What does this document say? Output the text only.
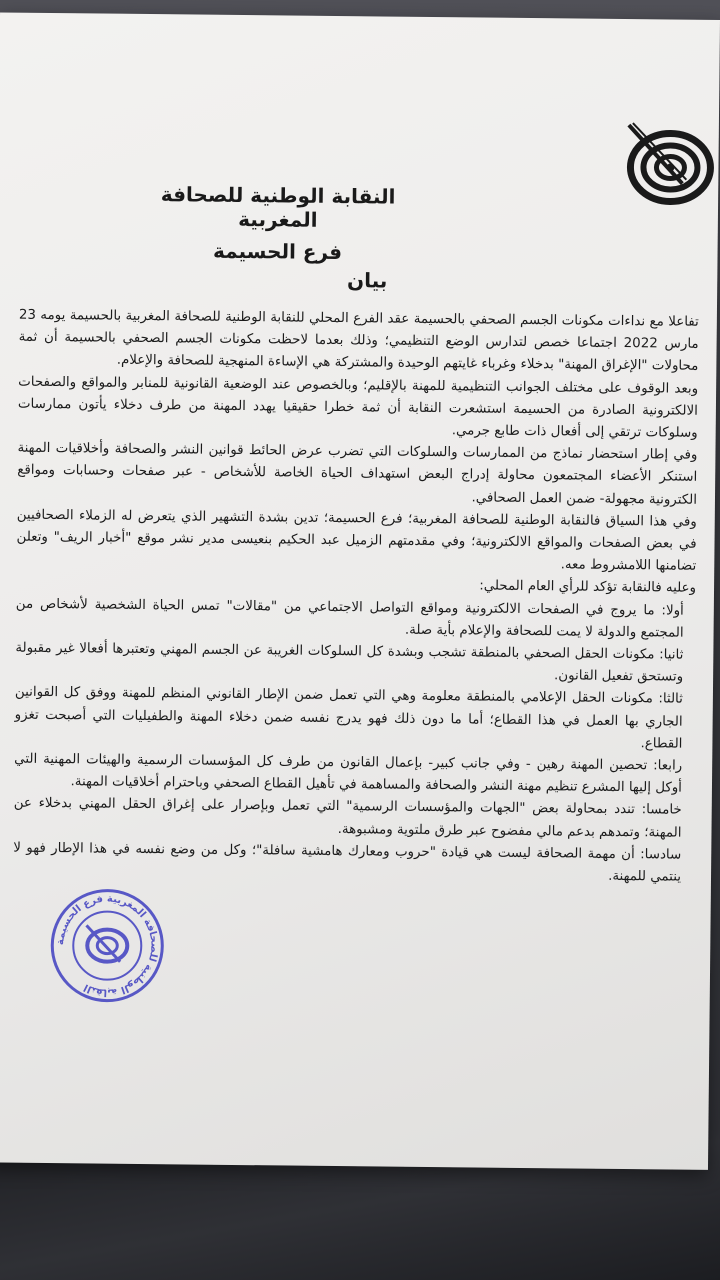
النقابة الوطنية للصحافة المغربية
فرع الحسيمة
بيان

تفاعلا مع نداءات مكونات الجسم الصحفي بالحسيمة عقد الفرع المحلي للنقابة الوطنية للصحافة المغربية بالحسيمة يومه 23 مارس 2022 اجتماعا خصص لتدارس الوضع التنظيمي؛ وذلك بعدما لاحظت مكونات الجسم الصحفي بالحسيمة أن ثمة محاولات "الإغراق المهنة" بدخلاء وغرباء غايتهم الوحيدة والمشتركة هي الإساءة المنهجية للصحافة والإعلام.

وبعد الوقوف على مختلف الجوانب التنظيمية للمهنة بالإقليم؛ وبالخصوص عند الوضعية القانونية للمنابر والمواقع والصفحات الالكترونية الصادرة من الحسيمة استشعرت النقابة أن ثمة خطرا حقيقيا يهدد المهنة من طرف دخلاء يأتون ممارسات وسلوكات ترتقي إلى أفعال ذات طابع جرمي.

وفي إطار استحضار نماذج من الممارسات والسلوكات التي تضرب عرض الحائط قوانين النشر والصحافة وأخلاقيات المهنة استنكر الأعضاء المجتمعون محاولة إدراج البعض استهداف الحياة الخاصة للأشخاص - عبر صفحات وحسابات ومواقع الكترونية مجهولة- ضمن العمل الصحافي.

وفي هذا السياق فالنقابة الوطنية للصحافة المغربية؛ فرع الحسيمة؛ تدين بشدة التشهير الذي يتعرض له الزملاء الصحافيين في بعض الصفحات والمواقع الالكترونية؛ وفي مقدمتهم الزميل عبد الحكيم بنعيسى مدير نشر موقع "أخبار الريف" وتعلن تضامنها اللامشروط معه.

وعليه فالنقابة تؤكد للرأي العام المحلي:

أولا: ما يروج في الصفحات الالكترونية ومواقع التواصل الاجتماعي من "مقالات" تمس الحياة الشخصية لأشخاص من المجتمع والدولة لا يمت للصحافة والإعلام بأية صلة.

ثانيا: مكونات الحقل الصحفي بالمنطقة تشجب وبشدة كل السلوكات الغريبة عن الجسم المهني وتعتبرها أفعالا غير مقبولة وتستحق تفعيل القانون.

ثالثا: مكونات الحقل الإعلامي بالمنطقة معلومة وهي التي تعمل ضمن الإطار القانوني المنظم للمهنة ووفق كل القوانين الجاري بها العمل في هذا القطاع؛ أما ما دون ذلك فهو يدرج نفسه ضمن دخلاء المهنة والطفيليات التي أصبحت تغزو القطاع.

رابعا: تحصين المهنة رهين - وفي جانب كبير- بإعمال القانون من طرف كل المؤسسات الرسمية والهيئات المهنية التي أوكل إليها المشرع تنظيم مهنة النشر والصحافة والمساهمة في تأهيل القطاع الصحفي وباحترام أخلاقيات المهنة.

خامسا: تندد بمحاولة بعض "الجهات والمؤسسات الرسمية" التي تعمل وبإصرار على إغراق الحقل المهني بدخلاء عن المهنة؛ وتمدهم بدعم مالي مفضوح عبر طرق ملتوية ومشبوهة.

سادسا: أن مهمة الصحافة ليست هي قيادة "حروب ومعارك هامشية سافلة"؛ وكل من وضع نفسه في هذا الإطار فهو لا ينتمي للمهنة.

النقابة الوطنية للصحافة المغربية فرع الحسيمة
